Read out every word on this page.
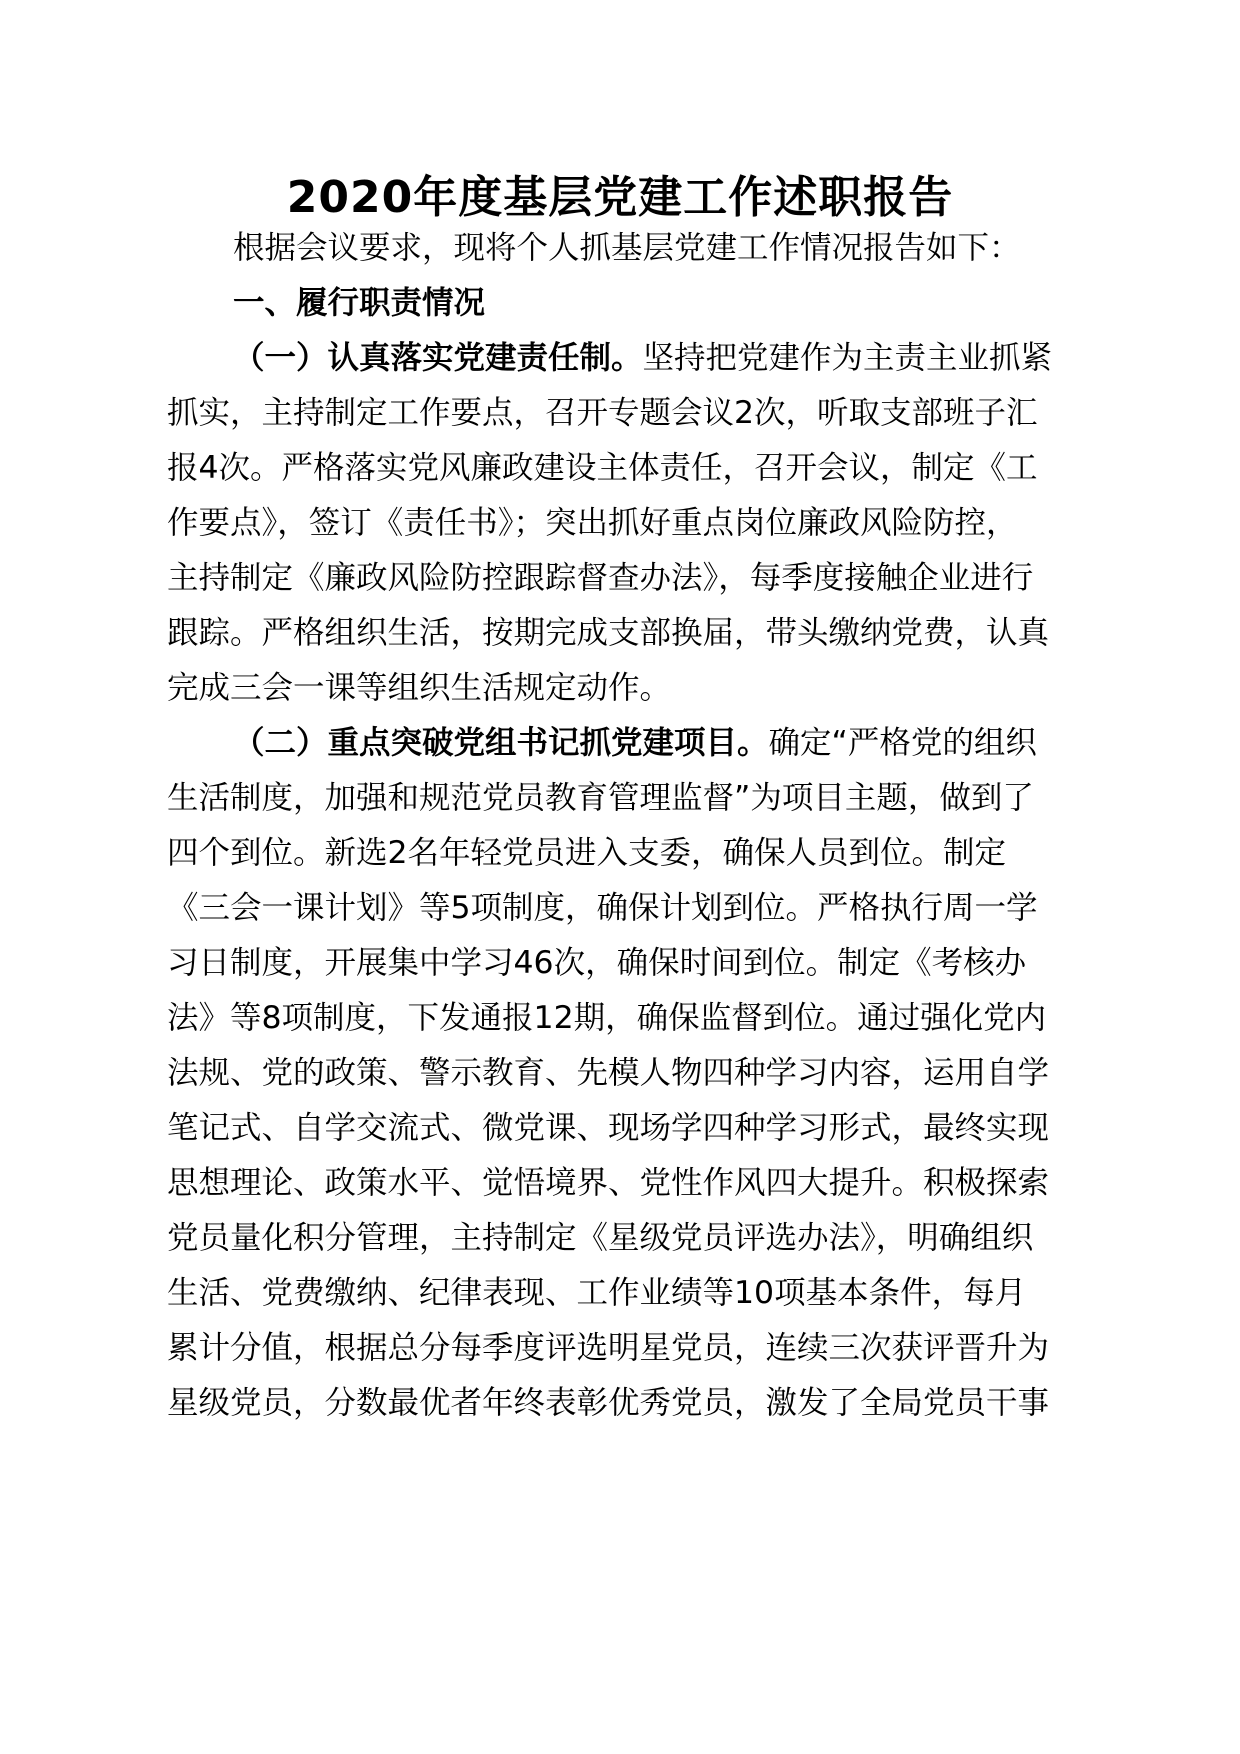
2020年度基层党建工作述职报告
根据会议要求，现将个人抓基层党建工作情况报告如下：
一、履行职责情况
（一）认真落实党建责任制。坚持把党建作为主责主业抓紧
抓实，主持制定工作要点，召开专题会议2次，听取支部班子汇
报4次。严格落实党风廉政建设主体责任，召开会议，制定《工
作要点》，签订《责任书》；突出抓好重点岗位廉政风险防控，
主持制定《廉政风险防控跟踪督查办法》，每季度接触企业进行
跟踪。严格组织生活，按期完成支部换届，带头缴纳党费，认真
完成三会一课等组织生活规定动作。
（二）重点突破党组书记抓党建项目。确定“严格党的组织
生活制度，加强和规范党员教育管理监督”为项目主题，做到了
四个到位。新选2名年轻党员进入支委，确保人员到位。制定
《三会一课计划》等5项制度，确保计划到位。严格执行周一学
习日制度，开展集中学习46次，确保时间到位。制定《考核办
法》等8项制度，下发通报12期，确保监督到位。通过强化党内
法规、党的政策、警示教育、先模人物四种学习内容，运用自学
笔记式、自学交流式、微党课、现场学四种学习形式，最终实现
思想理论、政策水平、觉悟境界、党性作风四大提升。积极探索
党员量化积分管理，主持制定《星级党员评选办法》，明确组织
生活、党费缴纳、纪律表现、工作业绩等10项基本条件，每月
累计分值，根据总分每季度评选明星党员，连续三次获评晋升为
星级党员，分数最优者年终表彰优秀党员，激发了全局党员干事
